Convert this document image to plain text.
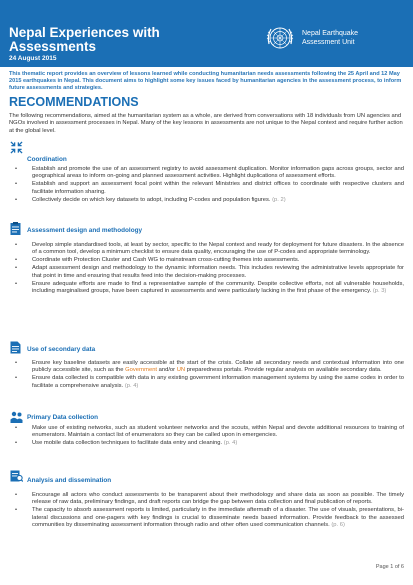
Nepal Experiences with Assessments
24 August 2015
Nepal Earthquake
Assessment Unit
This thematic report provides an overview of lessons learned while conducting humanitarian needs assessments following the 25 April and 12 May 2015 earthquakes in Nepal. This document aims to highlight some key issues faced by humanitarian agencies in the assessment process, to inform future assessments and strategies.
RECOMMENDATIONS
The following recommendations, aimed at the humanitarian system as a whole, are derived from conversations with 18 individuals from UN agencies and NGOs involved in assessment processes in Nepal. Many of the key lessons in assessments are not unique to the Nepal context and require further action at the global level.
Coordination
• Establish and promote the use of an assessment registry to avoid assessment duplication. Monitor information gaps across groups, sector and geographical areas to inform on-going and planned assessment activities. Highlight duplications of assessment efforts.
• Establish and support an assessment focal point within the relevant Ministries and district offices to coordinate with respective clusters and facilitate information sharing.
• Collectively decide on which key datasets to adopt, including P-codes and population figures. (p. 2)
Assessment design and methodology
• Develop simple standardised tools, at least by sector, specific to the Nepal context and ready for deployment for future disasters. In the absence of a common tool, develop a minimum checklist to ensure data quality, encouraging the use of P-codes and appropriate terminology.
• Coordinate with Protection Cluster and Cash WG to mainstream cross-cutting themes into assessments.
• Adapt assessment design and methodology to the dynamic information needs. This includes reviewing the administrative levels appropriate for that point in time and ensuring that results feed into the decision-making processes.
• Ensure adequate efforts are made to find a representative sample of the community. Despite collective efforts, not all vulnerable households, including marginalised groups, have been captured in assessments and were particularly lacking in the first phase of the emergency. (p. 3)
Use of secondary data
• Ensure key baseline datasets are easily accessible at the start of the crisis. Collate all secondary needs and contextual information into one publicly accessible site, such as the Government and/or UN preparedness portals. Provide regular analysis on available secondary data.
• Ensure data collected is compatible with data in any existing government information management systems by using the same codes in order to facilitate a comprehensive analysis. (p. 4)
Primary Data collection
• Make use of existing networks, such as student volunteer networks and the scouts, within Nepal and devote additional resources to training of enumerators. Maintain a contact list of enumerators so they can be called upon in emergencies.
• Use mobile data collection techniques to facilitate data entry and cleaning. (p. 4)
Analysis and dissemination
• Encourage all actors who conduct assessments to be transparent about their methodology and share data as soon as possible. The timely release of raw data, preliminary findings, and draft reports can bridge the gap between data collection and final publication of reports.
• The capacity to absorb assessment reports is limited, particularly in the immediate aftermath of a disaster. The use of visuals, presentations, bi-lateral discussions and one-pagers with key findings is crucial to disseminate needs based information. Provide feedback to the assessed communities by disseminating assessment information through radio and other often used communication channels. (p. 6)
Page 1 of 6
